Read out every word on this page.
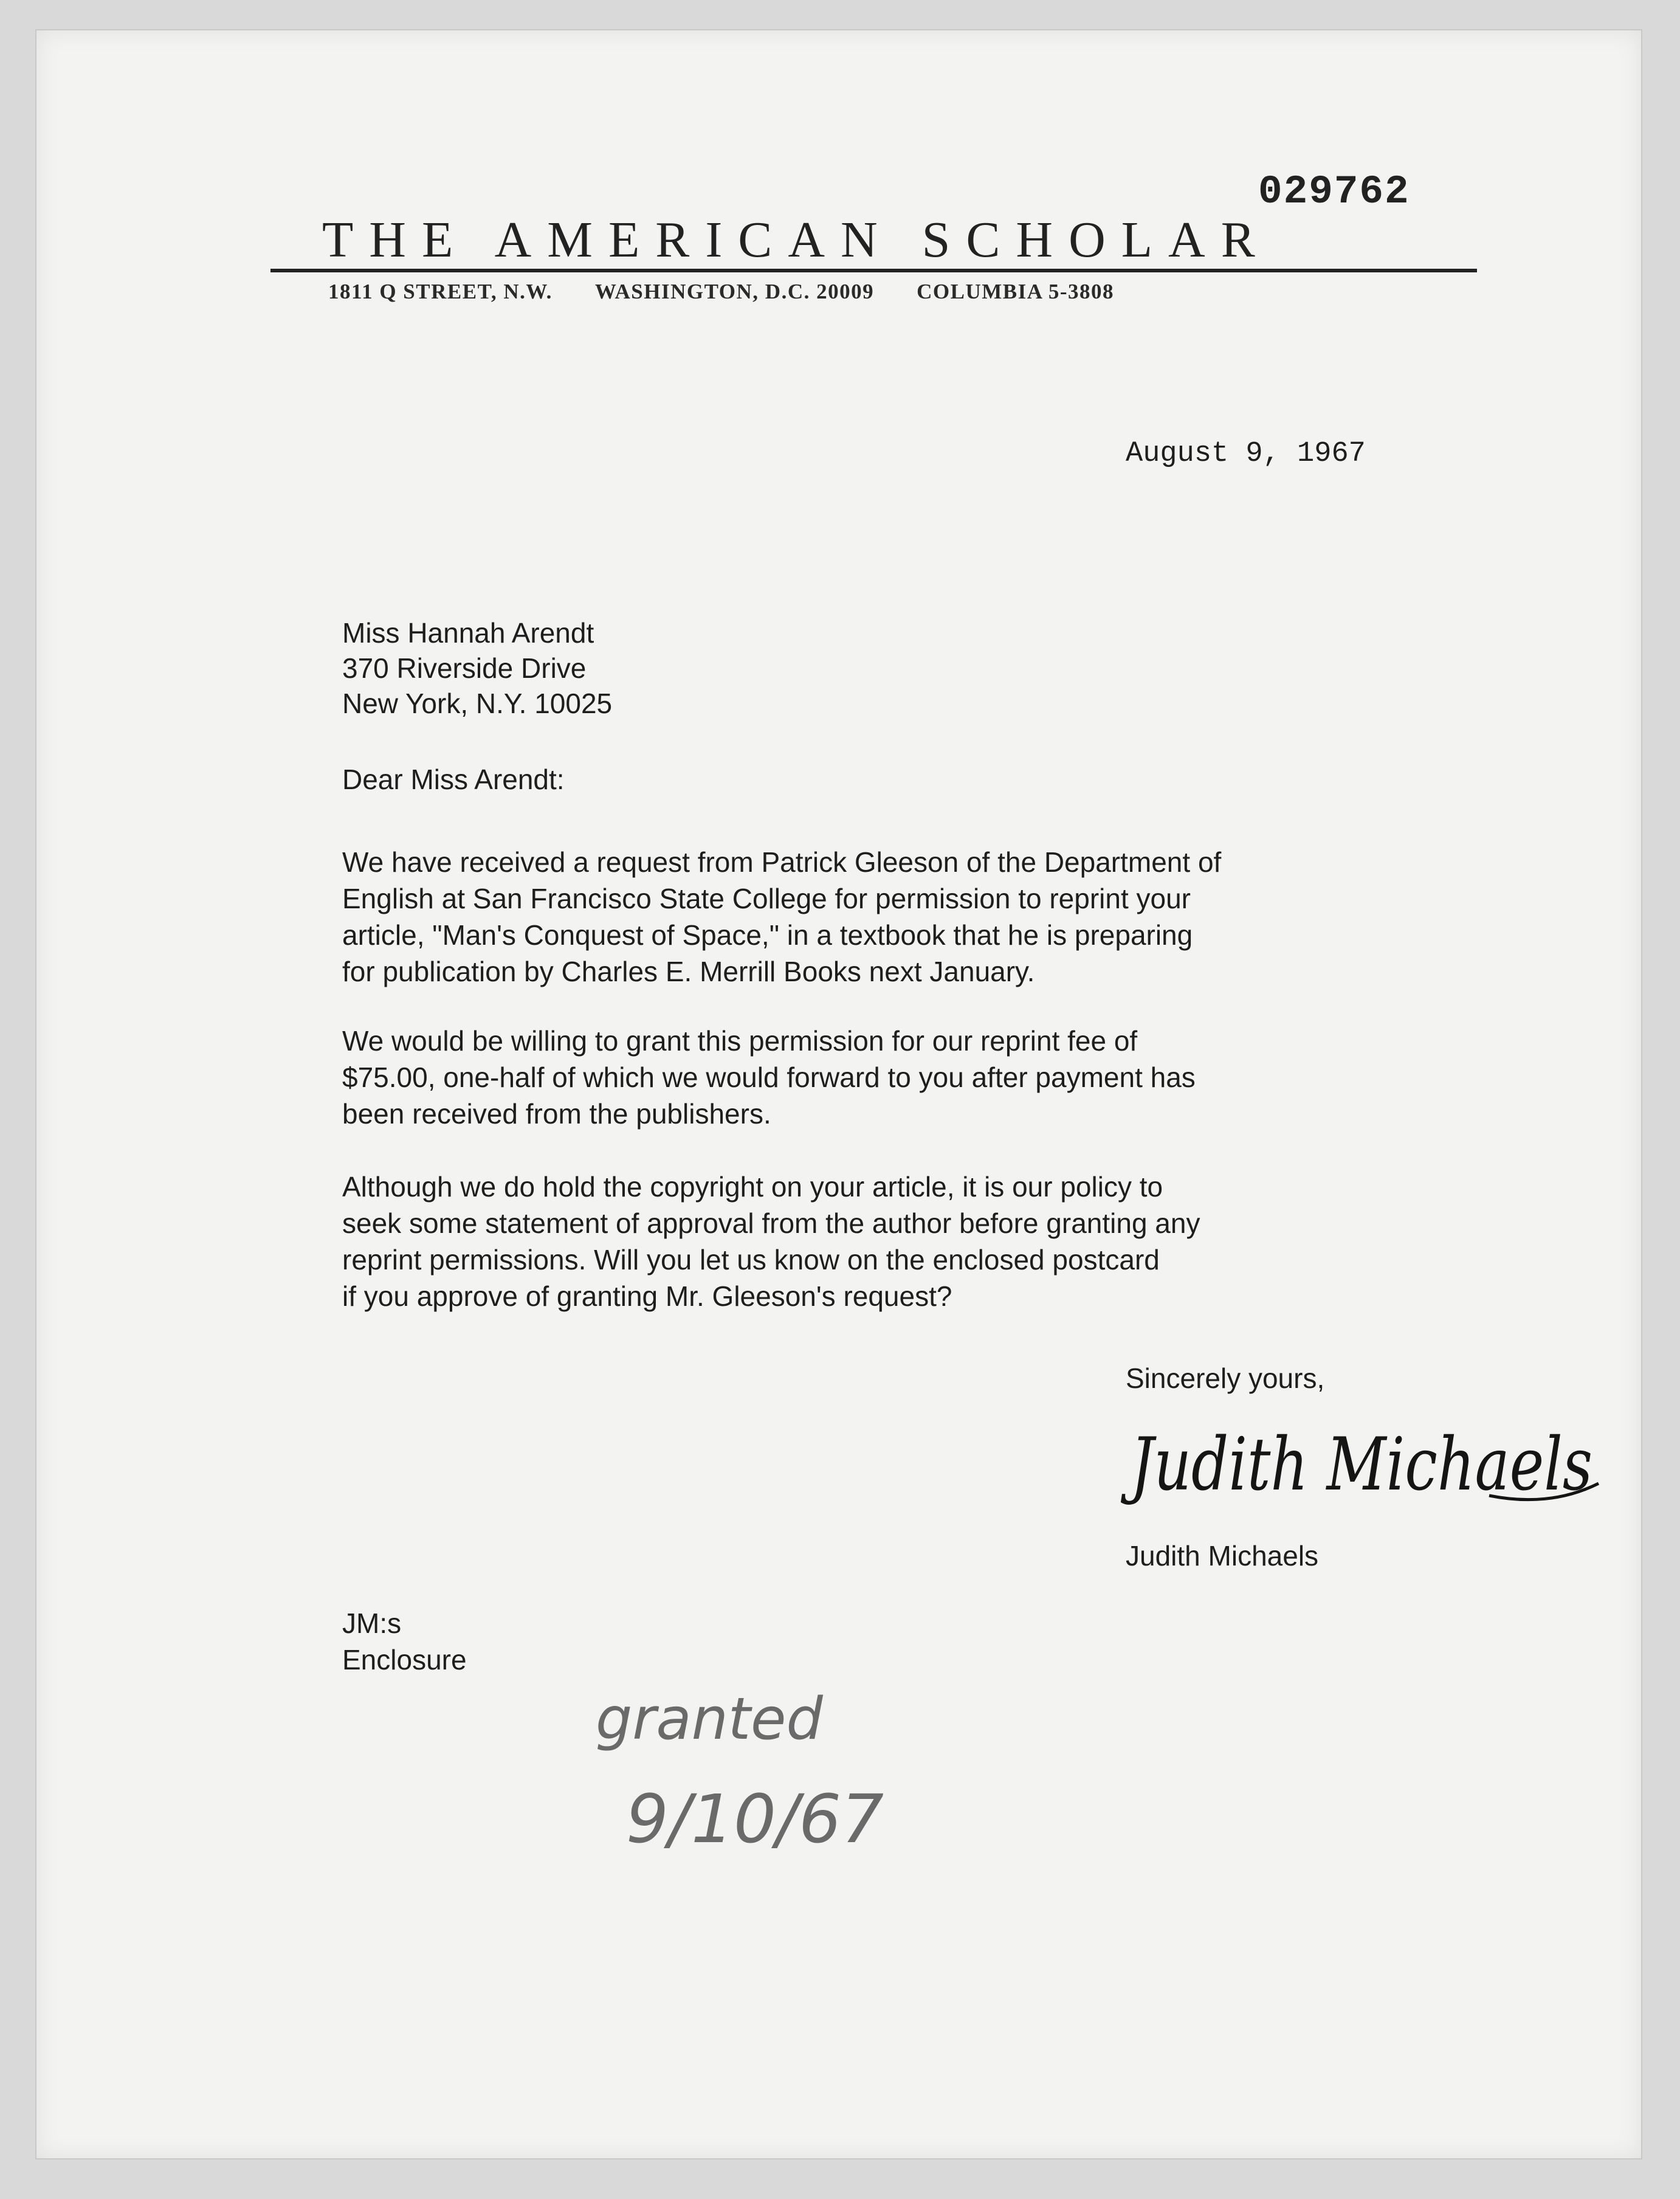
029762
THE AMERICAN SCHOLAR
1811 Q STREET, N.W. WASHINGTON, D.C. 20009 COLUMBIA 5-3808
August 9, 1967
Miss Hannah Arendt
370 Riverside Drive
New York, N.Y. 10025
Dear Miss Arendt:
We have received a request from Patrick Gleeson of the Department of
English at San Francisco State College for permission to reprint your
article, "Man's Conquest of Space," in a textbook that he is preparing
for publication by Charles E. Merrill Books next January.
We would be willing to grant this permission for our reprint fee of
$75.00, one-half of which we would forward to you after payment has
been received from the publishers.
Although we do hold the copyright on your article, it is our policy to
seek some statement of approval from the author before granting any
reprint permissions. Will you let us know on the enclosed postcard
if you approve of granting Mr. Gleeson's request?
Sincerely yours,
Judith Michaels
Judith Michaels
JM:s
Enclosure
granted
9/10/67
